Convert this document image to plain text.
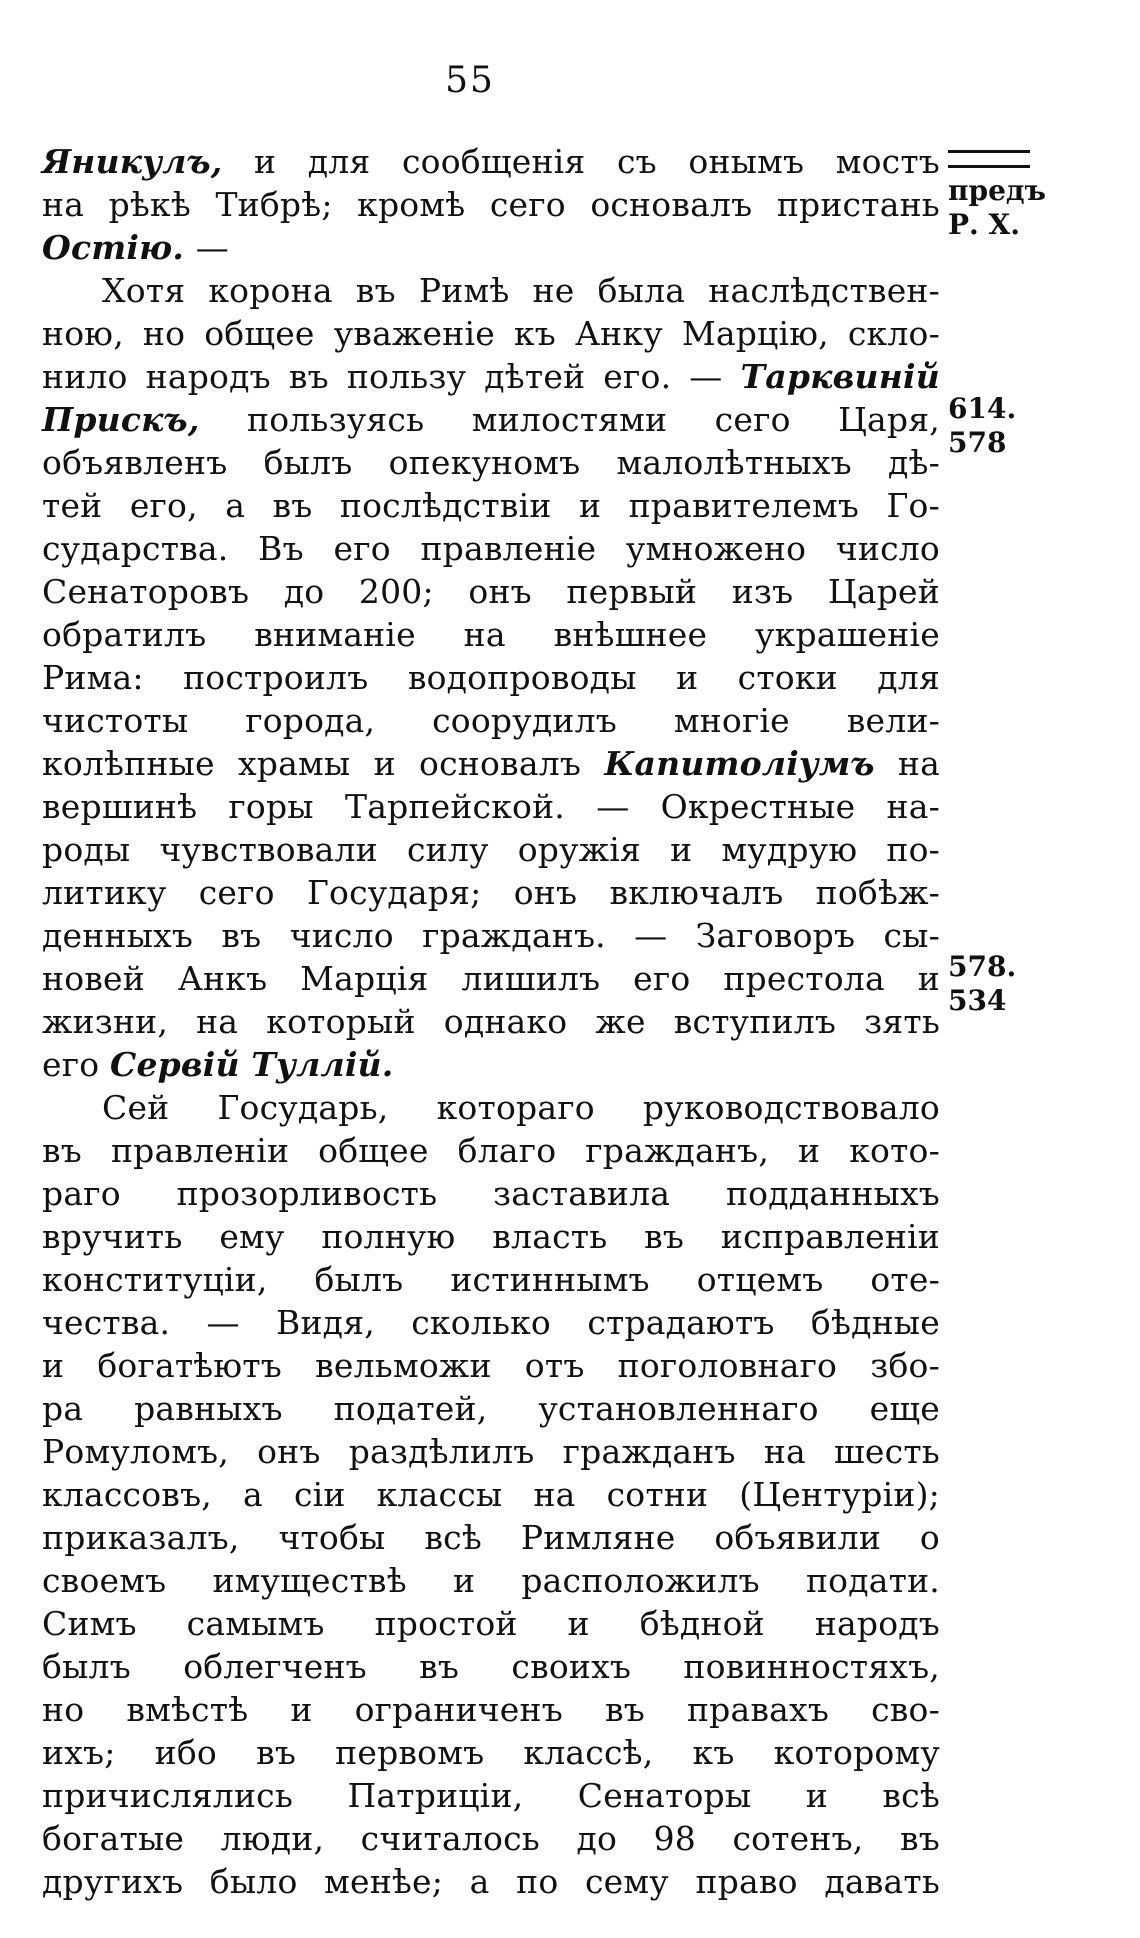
55
Яникулъ, и для сообщенія съ онымъ мостъ
на рѣкѣ Тибрѣ; кромѣ сего основалъ пристань
Остію. —
Хотя корона въ Римѣ не была наслѣдствен-
ною, но общее уваженіе къ Анку Марцію, скло-
нило народъ въ пользу дѣтей его. — Тарквиній
Прискъ, пользуясь милостями сего Царя,
объявленъ былъ опекуномъ малолѣтныхъ дѣ-
тей его, а въ послѣдствіи и правителемъ Го-
сударства. Въ его правленіе умножено число
Сенаторовъ до 200; онъ первый изъ Царей
обратилъ вниманіе на внѣшнее украшеніе
Рима: построилъ водопроводы и стоки для
чистоты города, соорудилъ многіе вели-
колѣпные храмы и основалъ Капитоліумъ на
вершинѣ горы Тарпейской. — Окрестные на-
роды чувствовали силу оружія и мудрую по-
литику сего Государя; онъ включалъ побѣж-
денныхъ въ число гражданъ. — Заговоръ сы-
новей Анкъ Марція лишилъ его престола и
жизни, на который однако же вступилъ зять
его Сервій Туллій.
Сей Государь, котораго руководствовало
въ правленіи общее благо гражданъ, и кото-
раго прозорливость заставила подданныхъ
вручить ему полную власть въ исправленіи
конституціи, былъ истиннымъ отцемъ оте-
чества. — Видя, сколько страдаютъ бѣдные
и богатѣютъ вельможи отъ поголовнаго збо-
ра равныхъ податей, установленнаго еще
Ромуломъ, онъ раздѣлилъ гражданъ на шесть
классовъ, а сіи классы на сотни (Центуріи);
приказалъ, чтобы всѣ Римляне объявили о
своемъ имуществѣ и расположилъ подати.
Симъ самымъ простой и бѣдной народъ
былъ облегченъ въ своихъ повинностяхъ,
но вмѣстѣ и ограниченъ въ правахъ сво-
ихъ; ибо въ первомъ классѣ, къ которому
причислялись Патриціи, Сенаторы и всѣ
богатые люди, считалось до 98 сотенъ, въ
другихъ было менѣе; а по сему право давать
предъ
Р. Х.
614.
578
578.
534
